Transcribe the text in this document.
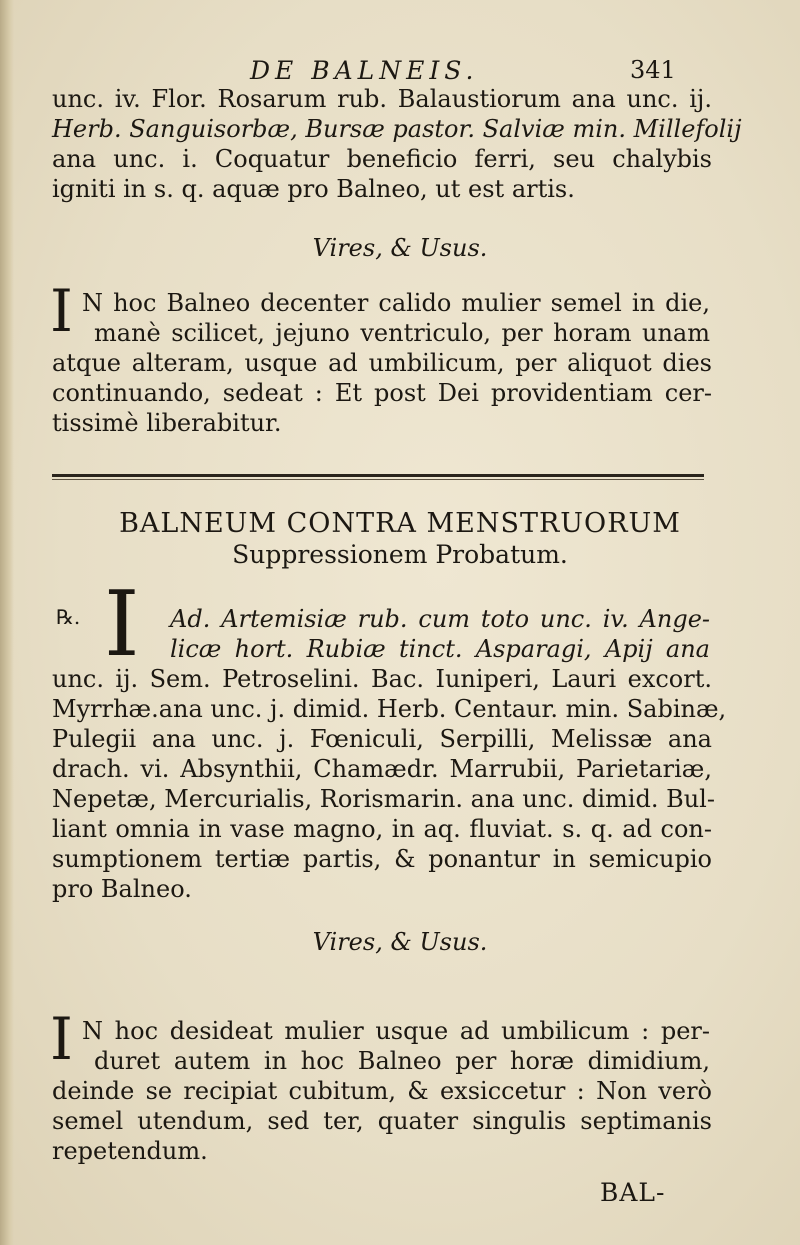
DE BALNEIS.	341
unc. iv. Flor. Rosarum rub. Balaustiorum ana unc. ij.
Herb. Sanguisorbæ, Bursæ pastor. Salviæ min. Millefolij
ana unc. i. Coquatur beneficio ferri, seu chalybis
igniti in s. q. aquæ pro Balneo, ut est artis.
Vires, & Usus.
I N hoc Balneo decenter calido mulier semel in die,
manè scilicet, jejuno ventriculo, per horam unam
atque alteram, usque ad umbilicum, per aliquot dies
continuando, sedeat : Et post Dei providentiam cer-
tissimè liberabitur.
BALNEUM CONTRA MENSTRUORUM
Suppressionem Probatum.
℞. I Ad. Artemisiæ rub. cum toto unc. iv. Ange-
licæ hort. Rubiæ tinct. Asparagi, Apij ana
unc. ij. Sem. Petroselini. Bac. Iuniperi, Lauri excort.
Myrrhæ.ana unc. j. dimid. Herb. Centaur. min. Sabinæ,
Pulegii ana unc. j. Fœniculi, Serpilli, Melissæ ana
drach. vi. Absynthii, Chamædr. Marrubii, Parietariæ,
Nepetæ, Mercurialis, Rorismarin. ana unc. dimid. Bul-
liant omnia in vase magno, in aq. fluviat. s. q. ad con-
sumptionem tertiæ partis, & ponantur in semicupio
pro Balneo.
Vires, & Usus.
I N hoc desideat mulier usque ad umbilicum : per-
duret autem in hoc Balneo per horæ dimidium,
deinde se recipiat cubitum, & exsiccetur : Non verò
semel utendum, sed ter, quater singulis septimanis
repetendum.
BAL-
